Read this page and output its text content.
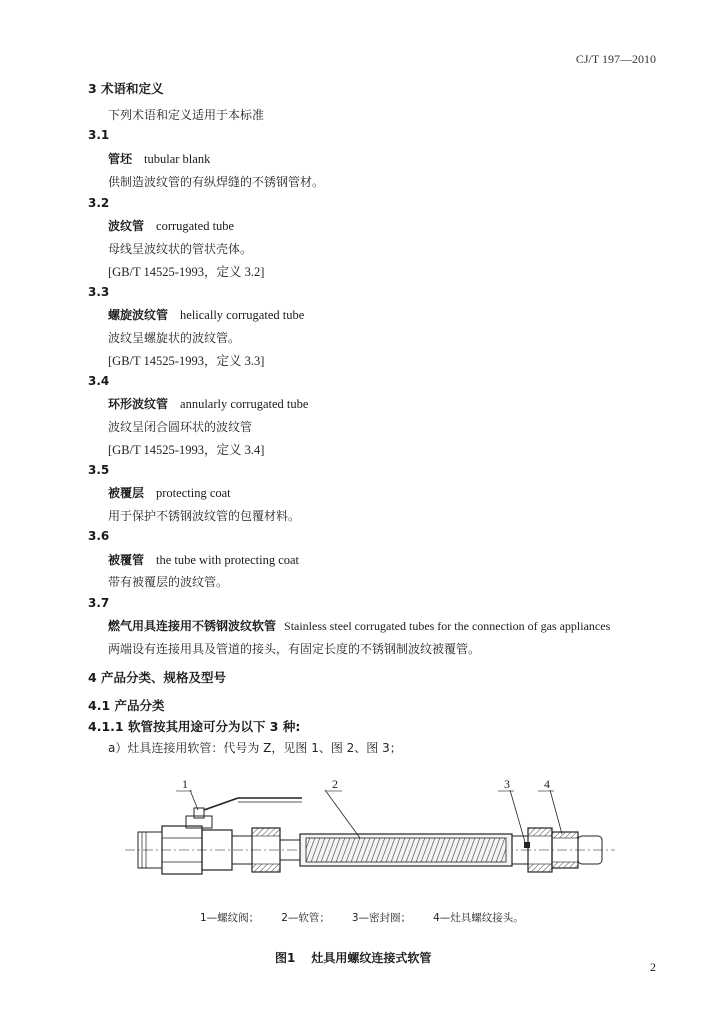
CJ/T 197—2010
3 术语和定义
下列术语和定义适用于本标准
3.1
管坯 tubular blank
供制造波纹管的有纵焊缝的不锈钢管材。
3.2
波纹管 corrugated tube
母线呈波纹状的管状壳体。
[GB/T 14525-1993，定义 3.2]
3.3
螺旋波纹管 helically corrugated tube
波纹呈螺旋状的波纹管。
[GB/T 14525-1993，定义 3.3]
3.4
环形波纹管 annularly corrugated tube
波纹呈闭合圆环状的波纹管
[GB/T 14525-1993，定义 3.4]
3.5
被覆层 protecting coat
用于保护不锈钢波纹管的包覆材料。
3.6
被覆管 the tube with protecting coat
带有被覆层的波纹管。
3.7
燃气用具连接用不锈钢波纹软管 Stainless steel corrugated tubes for the connection of gas appliances
两端设有连接用具及管道的接头，有固定长度的不锈钢制波纹被覆管。
4 产品分类、规格及型号
4.1 产品分类
4.1.1 软管按其用途可分为以下 3 种:
a）灶具连接用软管：代号为 Z，见图 1、图 2、图 3；
1	2	3	4
1—螺纹阀； 2—软管； 3—密封圈； 4—灶具螺纹接头。
图1 灶具用螺纹连接式软管
2
